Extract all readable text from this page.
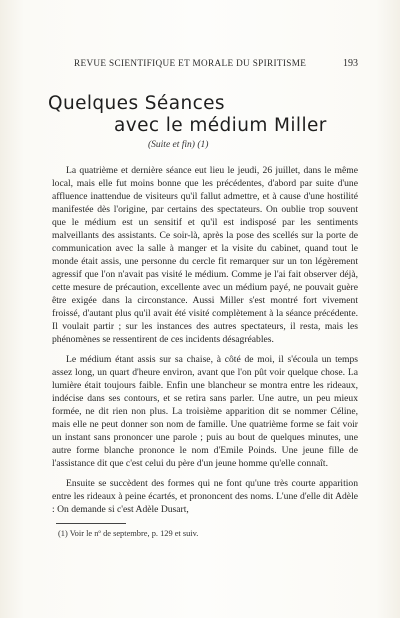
REVUE SCIENTIFIQUE ET MORALE DU SPIRITISME	193
Quelques Séances
avec le médium Miller
(Suite et fin) (1)

La quatrième et dernière séance eut lieu le jeudi, 26 juillet, dans le même local, mais elle fut moins bonne que les précédentes, d'abord par suite d'une affluence inattendue de visiteurs qu'il fallut admettre, et à cause d'une hostilité manifestée dès l'origine, par certains des spectateurs. On oublie trop souvent que le médium est un sensitif et qu'il est indisposé par les sentiments malveillants des assistants. Ce soir-là, après la pose des scellés sur la porte de communication avec la salle à manger et la visite du cabinet, quand tout le monde était assis, une personne du cercle fit remarquer sur un ton légèrement agressif que l'on n'avait pas visité le médium. Comme je l'ai fait observer déjà, cette mesure de précaution, excellente avec un médium payé, ne pouvait guère être exigée dans la circonstance. Aussi Miller s'est montré fort vivement froissé, d'autant plus qu'il avait été visité complètement à la séance précédente. Il voulait partir ; sur les instances des autres spectateurs, il resta, mais les phénomènes se ressentirent de ces incidents désagréables.

Le médium étant assis sur sa chaise, à côté de moi, il s'écoula un temps assez long, un quart d'heure environ, avant que l'on pût voir quelque chose. La lumière était toujours faible. Enfin une blancheur se montra entre les rideaux, indécise dans ses contours, et se retira sans parler. Une autre, un peu mieux formée, ne dit rien non plus. La troisième apparition dit se nommer Céline, mais elle ne peut donner son nom de famille. Une quatrième forme se fait voir un instant sans prononcer une parole ; puis au bout de quelques minutes, une autre forme blanche prononce le nom d'Emile Poinds. Une jeune fille de l'assistance dit que c'est celui du père d'un jeune homme qu'elle connaît.

Ensuite se succèdent des formes qui ne font qu'une très courte apparition entre les rideaux à peine écartés, et prononcent des noms. L'une d'elle dit Adèle : On demande si c'est Adèle Dusart,

(1) Voir le nº de septembre, p. 129 et suiv.
